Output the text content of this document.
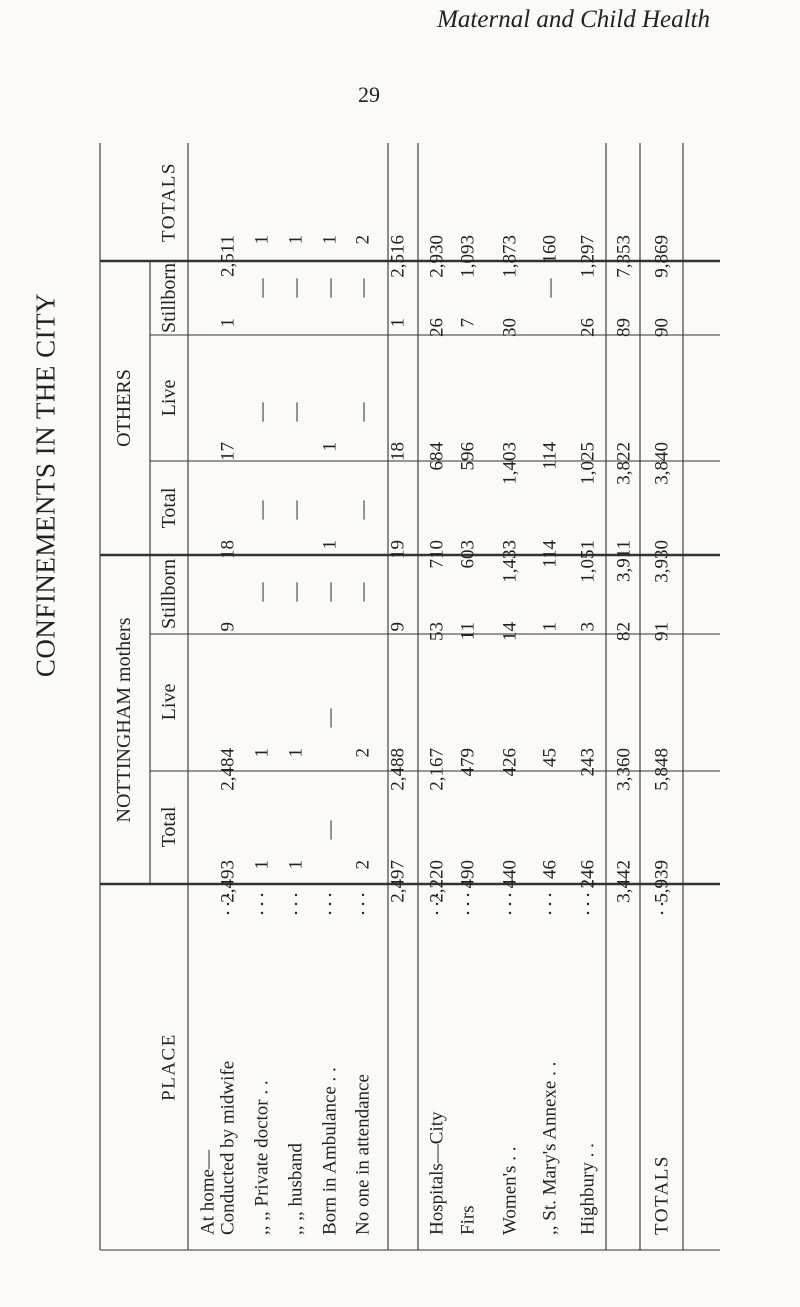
Maternal and Child Health
29
CONFINEMENTS IN THE CITY
NOTTINGHAM mothers
OTHERS
PLACE
TOTALS
Total
Live
Stillborn
Total
Live
Stillborn
At home— Conducted by midwife ,, ,, Private doctor . . ,, ,, husband Born in Ambulance . . No one in attendance	Hospitals—City Firs Women's . . ,, St. Mary's Annexe . . Highbury . .	TOTALS
2,493
2,484
9
18
17
1
2,511
1
1
—
—
—
—
1
1
1
—
—
—
—
1
—
—
—
1
1
—
1
2
2
—
—
—
—
2
2,497
2,488
9
19
18
1
2,516
2,220
2,167
53
710
684
26
2,930
490
479
11
603
596
7
1,093
440
426
14
1,433
1,403
30
1,873
46
45
1
114
114
—
160
246
243
3
1,051
1,025
26
1,297
3,442
3,360
82
3,911
3,822
89
7,353
5,939
5,848
91
3,930
3,840
90
9,869
